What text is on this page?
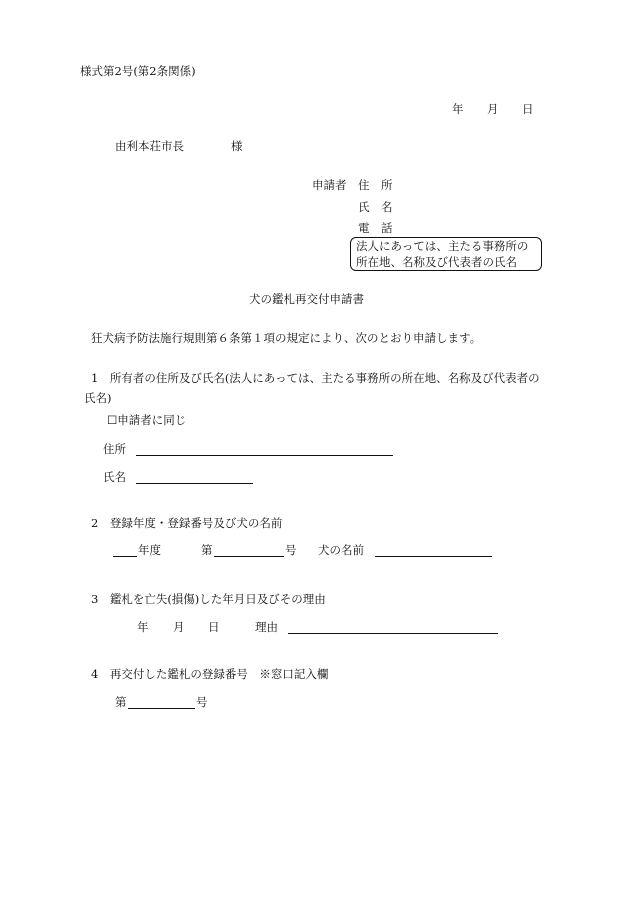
様式第2号(第2条関係)
年 月 日
由利本荘市長	様
申請者 住　所
氏　名
電　話
法人にあっては、主たる事務所の
所在地、名称及び代表者の氏名
犬の鑑札再交付申請書
狂犬病予防法施行規則第６条第１項の規定により、次のとおり申請します。
1　所有者の住所及び氏名(法人にあっては、主たる事務所の所在地、名称及び代表者の
氏名)
☐申請者に同じ
住所
氏名
2　登録年度・登録番号及び犬の名前
年度	第	号 犬の名前
3　鑑札を亡失(損傷)した年月日及びその理由
年 月 日	理由
4　再交付した鑑札の登録番号　※窓口記入欄
第	号
